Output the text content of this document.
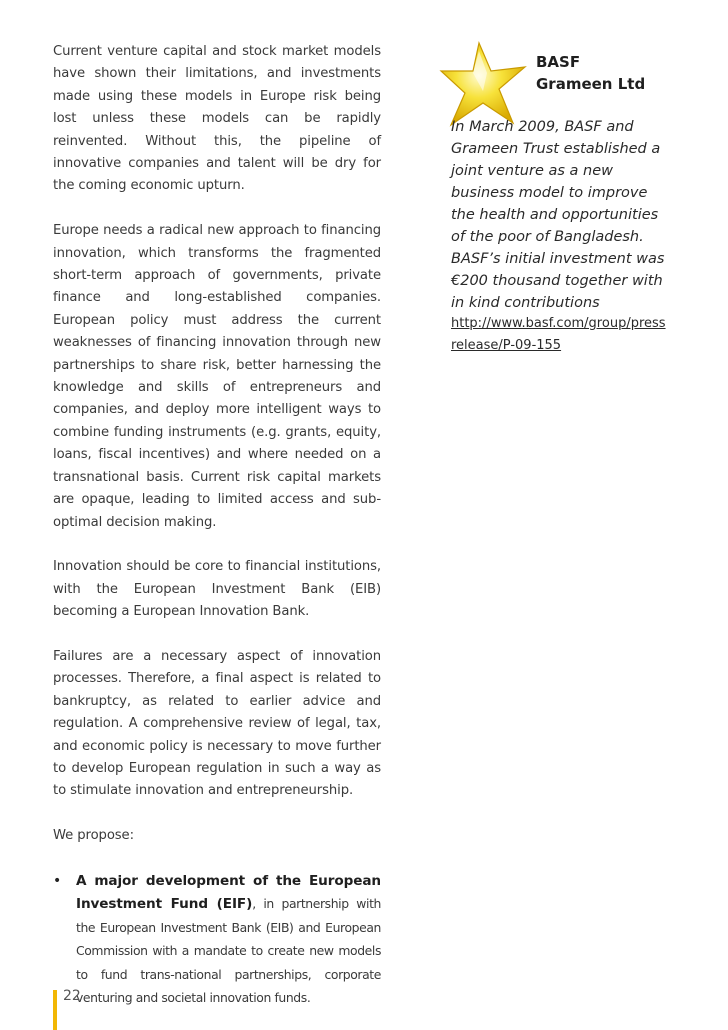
Current venture capital and stock market models have shown their limitations, and investments made using these models in Europe risk being lost unless these models can be rapidly reinvented. Without this, the pipeline of innovative companies and talent will be dry for the coming economic upturn.

Europe needs a radical new approach to financing innovation, which transforms the fragmented short-term approach of governments, private finance and long-established companies. European policy must address the current weaknesses of financing innovation through new partnerships to share risk, better harnessing the knowledge and skills of entrepreneurs and companies, and deploy more intelligent ways to combine funding instruments (e.g. grants, equity, loans, fiscal incentives) and where needed on a transnational basis. Current risk capital markets are opaque, leading to limited access and sub-optimal decision making.

Innovation should be core to financial institutions, with the European Investment Bank (EIB) becoming a European Innovation Bank.

Failures are a necessary aspect of innovation processes. Therefore, a final aspect is related to bankruptcy, as related to earlier advice and regulation. A comprehensive review of legal, tax, and economic policy is necessary to move further to develop European regulation in such a way as to stimulate innovation and entrepreneurship.

We propose:

• A major development of the European Investment Fund (EIF), in partnership with the European Investment Bank (EIB) and European Commission with a mandate to create new models to fund trans-national partnerships, corporate venturing and societal innovation funds.
BASF
Grameen Ltd
In March 2009, BASF and Grameen Trust established a joint venture as a new business model to improve the health and opportunities of the poor of Bangladesh. BASF’s initial investment was €200 thousand together with in kind contributions
http://www.basf.com/group/pressrelease/P-09-155
22
